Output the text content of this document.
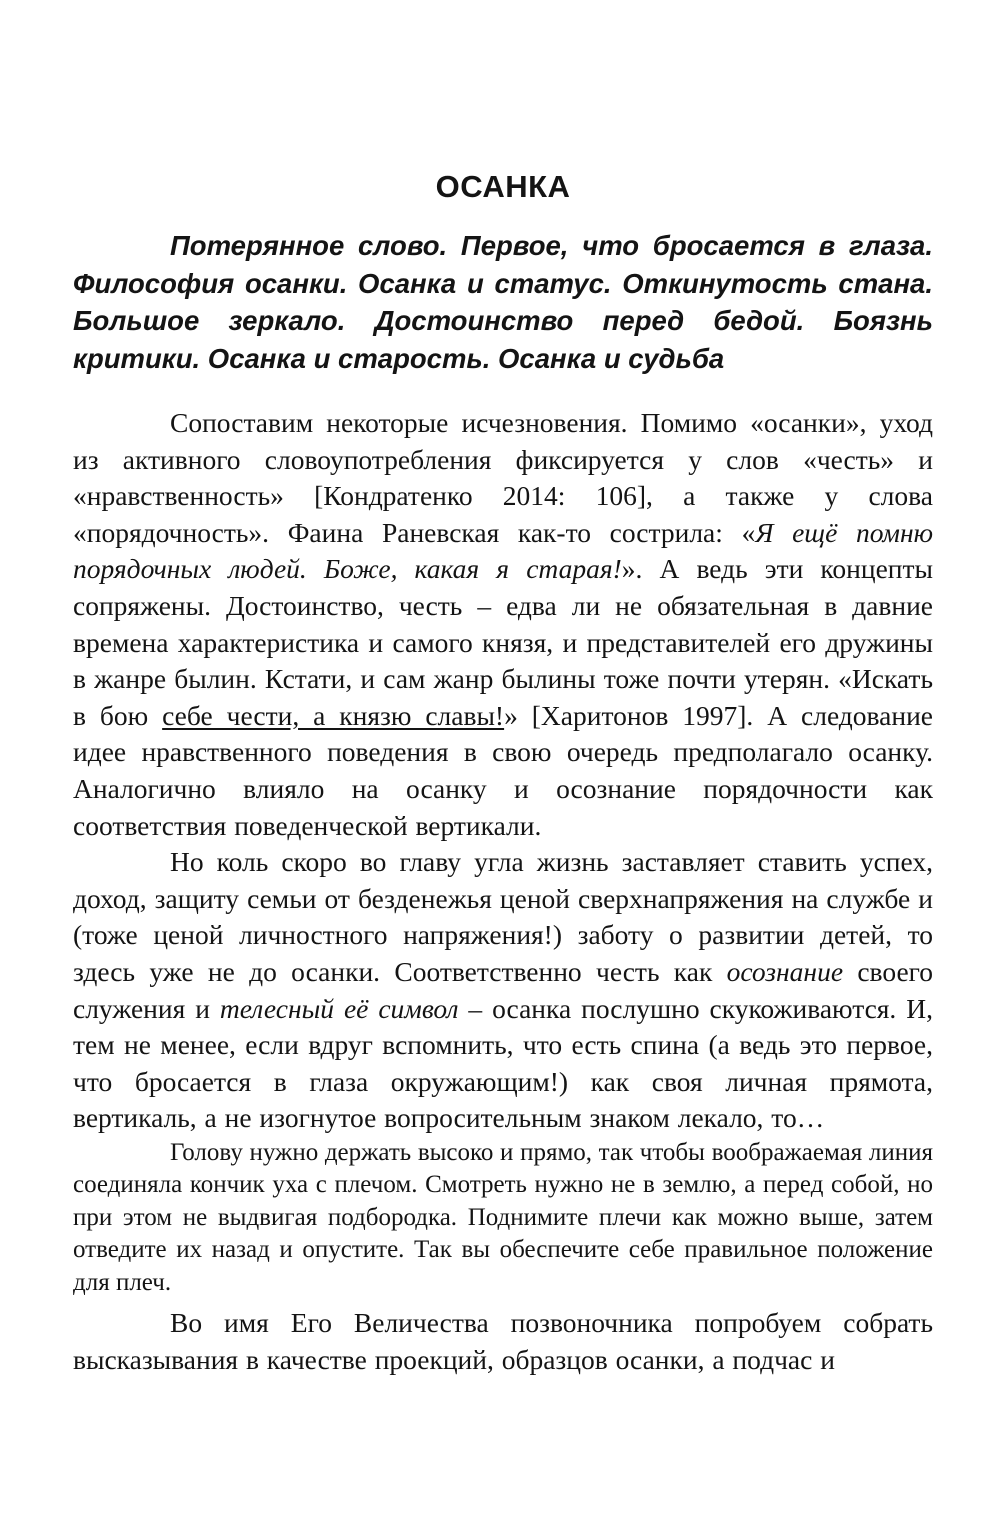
ОСАНКА

Потерянное слово. Первое, что бросается в глаза. Философия осанки. Осанка и статус. Откинутость стана. Большое зеркало. Достоинство перед бедой. Боязнь критики. Осанка и старость. Осанка и судьба

Сопоставим некоторые исчезновения. Помимо «осанки», уход из активного словоупотребления фиксируется у слов «честь» и «нравственность» [Кондратенко 2014: 106], а также у слова «порядочность». Фаина Раневская как-то сострила: «Я ещё помню порядочных людей. Боже, какая я старая!». А ведь эти концепты сопряжены. Достоинство, честь – едва ли не обязательная в давние времена характеристика и самого князя, и представителей его дружины в жанре былин. Кстати, и сам жанр былины тоже почти утерян. «Искать в бою себе чести, а князю славы!» [Харитонов 1997]. А следование идее нравственного поведения в свою очередь предполагало осанку. Аналогично влияло на осанку и осознание порядочности как соответствия поведенческой вертикали.

Но коль скоро во главу угла жизнь заставляет ставить успех, доход, защиту семьи от безденежья ценой сверхнапряжения на службе и (тоже ценой личностного напряжения!) заботу о развитии детей, то здесь уже не до осанки. Соответственно честь как осознание своего служения и телесный её символ – осанка послушно скукоживаются. И, тем не менее, если вдруг вспомнить, что есть спина (а ведь это первое, что бросается в глаза окружающим!) как своя личная прямота, вертикаль, а не изогнутое вопросительным знаком лекало, то…

Голову нужно держать высоко и прямо, так чтобы воображаемая линия соединяла кончик уха с плечом. Смотреть нужно не в землю, а перед собой, но при этом не выдвигая подбородка. Поднимите плечи как можно выше, затем отведите их назад и опустите. Так вы обеспечите себе правильное положение для плеч.

Во имя Его Величества позвоночника попробуем собрать высказывания в качестве проекций, образцов осанки, а подчас и
